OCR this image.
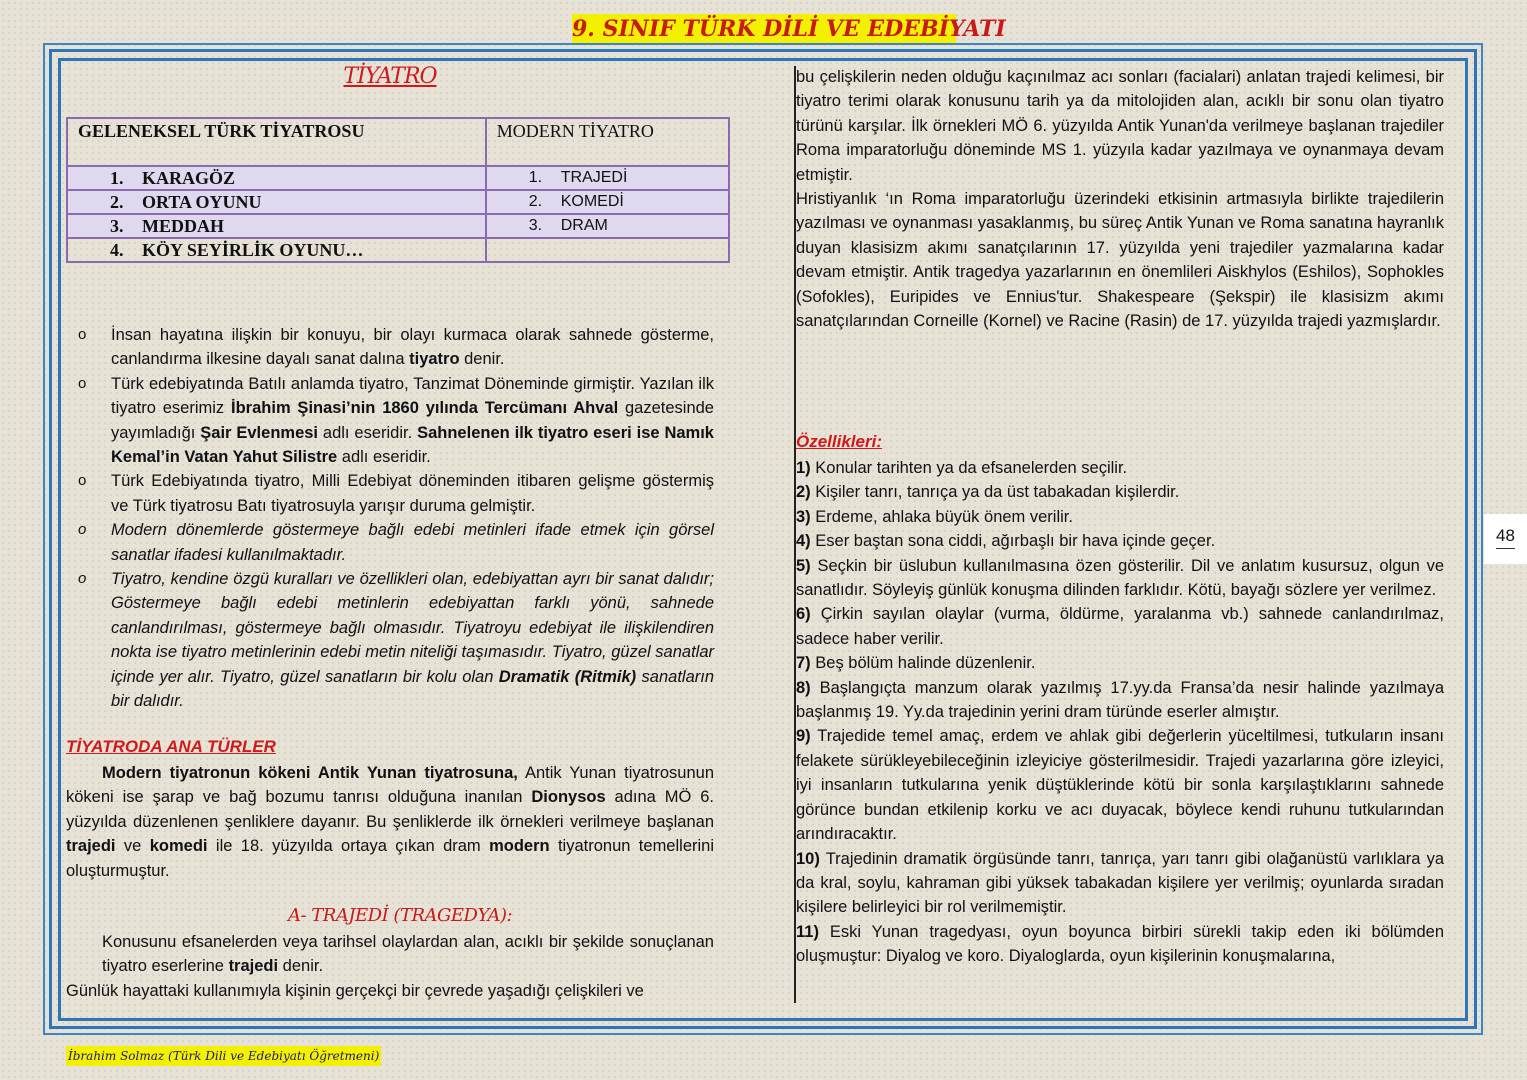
9. SINIF TÜRK DİLİ VE EDEBİYATI
48
TİYATRO
GELENEKSEL TÜRK TİYATROSU	MODERN TİYATRO
1. KARAGÖZ	1. TRAJEDİ
2. ORTA OYUNU	2. KOMEDİ
3. MEDDAH	3. DRAM
4. KÖY SEYİRLİK OYUNU…	
o İnsan hayatına ilişkin bir konuyu, bir olayı kurmaca olarak sahnede gösterme, canlandırma ilkesine dayalı sanat dalına tiyatro denir.
o Türk edebiyatında Batılı anlamda tiyatro, Tanzimat Döneminde girmiştir. Yazılan ilk tiyatro eserimiz İbrahim Şinasi’nin 1860 yılında Tercümanı Ahval gazetesinde yayımladığı Şair Evlenmesi adlı eseridir. Sahnelenen ilk tiyatro eseri ise Namık Kemal’in Vatan Yahut Silistre adlı eseridir.
o Türk Edebiyatında tiyatro, Milli Edebiyat döneminden itibaren gelişme göstermiş ve Türk tiyatrosu Batı tiyatrosuyla yarışır duruma gelmiştir.
o Modern dönemlerde göstermeye bağlı edebi metinleri ifade etmek için görsel sanatlar ifadesi kullanılmaktadır.
o Tiyatro, kendine özgü kuralları ve özellikleri olan, edebiyattan ayrı bir sanat dalıdır; Göstermeye bağlı edebi metinlerin edebiyattan farklı yönü, sahnede canlandırılması, göstermeye bağlı olmasıdır. Tiyatroyu edebiyat ile ilişkilendiren nokta ise tiyatro metinlerinin edebi metin niteliği taşımasıdır. Tiyatro, güzel sanatlar içinde yer alır. Tiyatro, güzel sanatların bir kolu olan Dramatik (Ritmik) sanatların bir dalıdır.
TİYATRODA ANA TÜRLER
Modern tiyatronun kökeni Antik Yunan tiyatrosuna, Antik Yunan tiyatrosunun kökeni ise şarap ve bağ bozumu tanrısı olduğuna inanılan Dionysos adına MÖ 6. yüzyılda düzenlenen şenliklere dayanır. Bu şenliklerde ilk örnekleri verilmeye başlanan trajedi ve komedi ile 18. yüzyılda ortaya çıkan dram modern tiyatronun temellerini oluşturmuştur.
A- TRAJEDİ (TRAGEDYA):
Konusunu efsanelerden veya tarihsel olaylardan alan, acıklı bir şekilde sonuçlanan tiyatro eserlerine trajedi denir.
Günlük hayattaki kullanımıyla kişinin gerçekçi bir çevrede yaşadığı çelişkileri ve
bu çelişkilerin neden olduğu kaçınılmaz acı sonları (facialari) anlatan trajedi kelimesi, bir tiyatro terimi olarak konusunu tarih ya da mitolojiden alan, acıklı bir sonu olan tiyatro türünü karşılar. İlk örnekleri MÖ 6. yüzyılda Antik Yunan'da verilmeye başlanan trajediler Roma imparatorluğu döneminde MS 1. yüzyıla kadar yazılmaya ve oynanmaya devam etmiştir.
Hristiyanlık ‘ın Roma imparatorluğu üzerindeki etkisinin artmasıyla birlikte trajedilerin yazılması ve oynanması yasaklanmış, bu süreç Antik Yunan ve Roma sanatına hayranlık duyan klasisizm akımı sanatçılarının 17. yüzyılda yeni trajediler yazmalarına kadar devam etmiştir. Antik tragedya yazarlarının en önemlileri Aiskhylos (Eshilos), Sophokles (Sofokles), Euripides ve Ennius'tur. Shakespeare (Şekspir) ile klasisizm akımı sanatçılarından Corneille (Kornel) ve Racine (Rasin) de 17. yüzyılda trajedi yazmışlardır.
Özellikleri:
1) Konular tarihten ya da efsanelerden seçilir.
2) Kişiler tanrı, tanrıça ya da üst tabakadan kişilerdir.
3) Erdeme, ahlaka büyük önem verilir.
4) Eser baştan sona ciddi, ağırbaşlı bir hava içinde geçer.
5) Seçkin bir üslubun kullanılmasına özen gösterilir. Dil ve anlatım kusursuz, olgun ve sanatlıdır. Söyleyiş günlük konuşma dilinden farklıdır. Kötü, bayağı sözlere yer verilmez.
6) Çirkin sayılan olaylar (vurma, öldürme, yaralanma vb.) sahnede canlandırılmaz, sadece haber verilir.
7) Beş bölüm halinde düzenlenir.
8) Başlangıçta manzum olarak yazılmış 17.yy.da Fransa’da nesir halinde yazılmaya başlanmış 19. Yy.da trajedinin yerini dram türünde eserler almıştır.
9) Trajedide temel amaç, erdem ve ahlak gibi değerlerin yüceltilmesi, tutkuların insanı felakete sürükleyebileceğinin izleyiciye gösterilmesidir. Trajedi yazarlarına göre izleyici, iyi insanların tutkularına yenik düştüklerinde kötü bir sonla karşılaştıklarını sahnede görünce bundan etkilenip korku ve acı duyacak, böylece kendi ruhunu tutkularından arındıracaktır.
10) Trajedinin dramatik örgüsünde tanrı, tanrıça, yarı tanrı gibi olağanüstü varlıklara ya da kral, soylu, kahraman gibi yüksek tabakadan kişilere yer verilmiş; oyunlarda sıradan kişilere belirleyici bir rol verilmemiştir.
11) Eski Yunan tragedyası, oyun boyunca birbiri sürekli takip eden iki bölümden oluşmuştur: Diyalog ve koro. Diyaloglarda, oyun kişilerinin konuşmalarına,
İbrahim Solmaz (Türk Dili ve Edebiyatı Öğretmeni)
